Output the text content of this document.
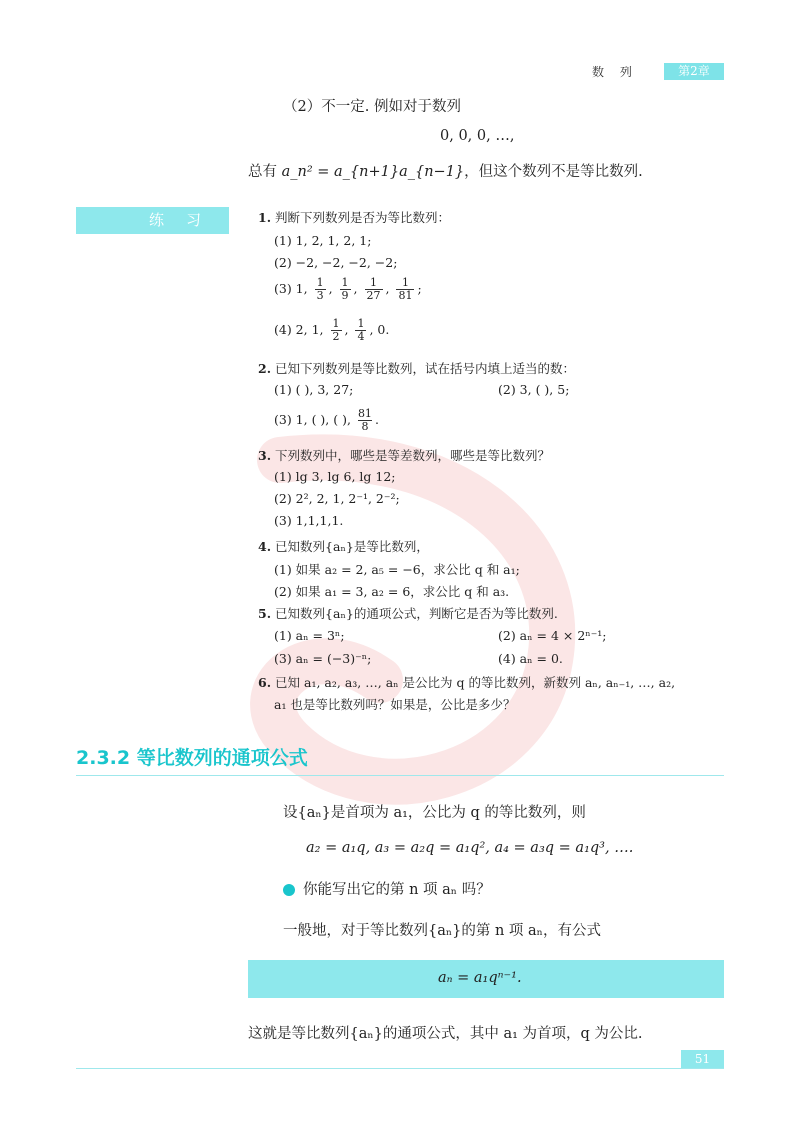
数 列	第2章
（2）不一定. 例如对于数列
0, 0, 0, …,
总有 a_n² = a_{n+1}a_{n−1}，但这个数列不是等比数列.
练习	1. 判断下列数列是否为等比数列：
(1) 1, 2, 1, 2, 1;
(2) −2, −2, −2, −2;
(3) 1, $\frac{1}{3}$ , $\frac{1}{9}$ , $\frac{1}{27}$ , $\frac{1}{81}$ ;
(4) 2, 1, $\frac{1}{2}$ , $\frac{1}{4}$ , 0.
2. 已知下列数列是等比数列，试在括号内填上适当的数：
(1) ( ), 3, 27;	(2) 3, ( ), 5;
(3) 1, ( ), ( ), $\frac{81}{8}$ .
3. 下列数列中，哪些是等差数列，哪些是等比数列？
(1) lg 3, lg 6, lg 12;
(2) 2², 2, 1, 2⁻¹, 2⁻²;
(3) 1,1,1,1.
4. 已知数列{aₙ}是等比数列，
(1) 如果 a₂ = 2, a₅ = −6，求公比 q 和 a₁;
(2) 如果 a₁ = 3, a₂ = 6，求公比 q 和 a₃.
5. 已知数列{aₙ}的通项公式，判断它是否为等比数列.
(1) aₙ = 3ⁿ;	(2) aₙ = 4 × 2ⁿ⁻¹;
(3) aₙ = (−3)⁻ⁿ;	(4) aₙ = 0.
6. 已知 a₁, a₂, a₃, …, aₙ 是公比为 q 的等比数列，新数列 aₙ, aₙ₋₁, …, a₂,
a₁ 也是等比数列吗？如果是，公比是多少？
2.3.2 等比数列的通项公式
设{aₙ}是首项为 a₁，公比为 q 的等比数列，则
a₂ = a₁q, a₃ = a₂q = a₁q², a₄ = a₃q = a₁q³, ….
你能写出它的第 n 项 aₙ 吗？
一般地，对于等比数列{aₙ}的第 n 项 aₙ，有公式
aₙ = a₁qⁿ⁻¹.
这就是等比数列{aₙ}的通项公式，其中 a₁ 为首项，q 为公比.
51
